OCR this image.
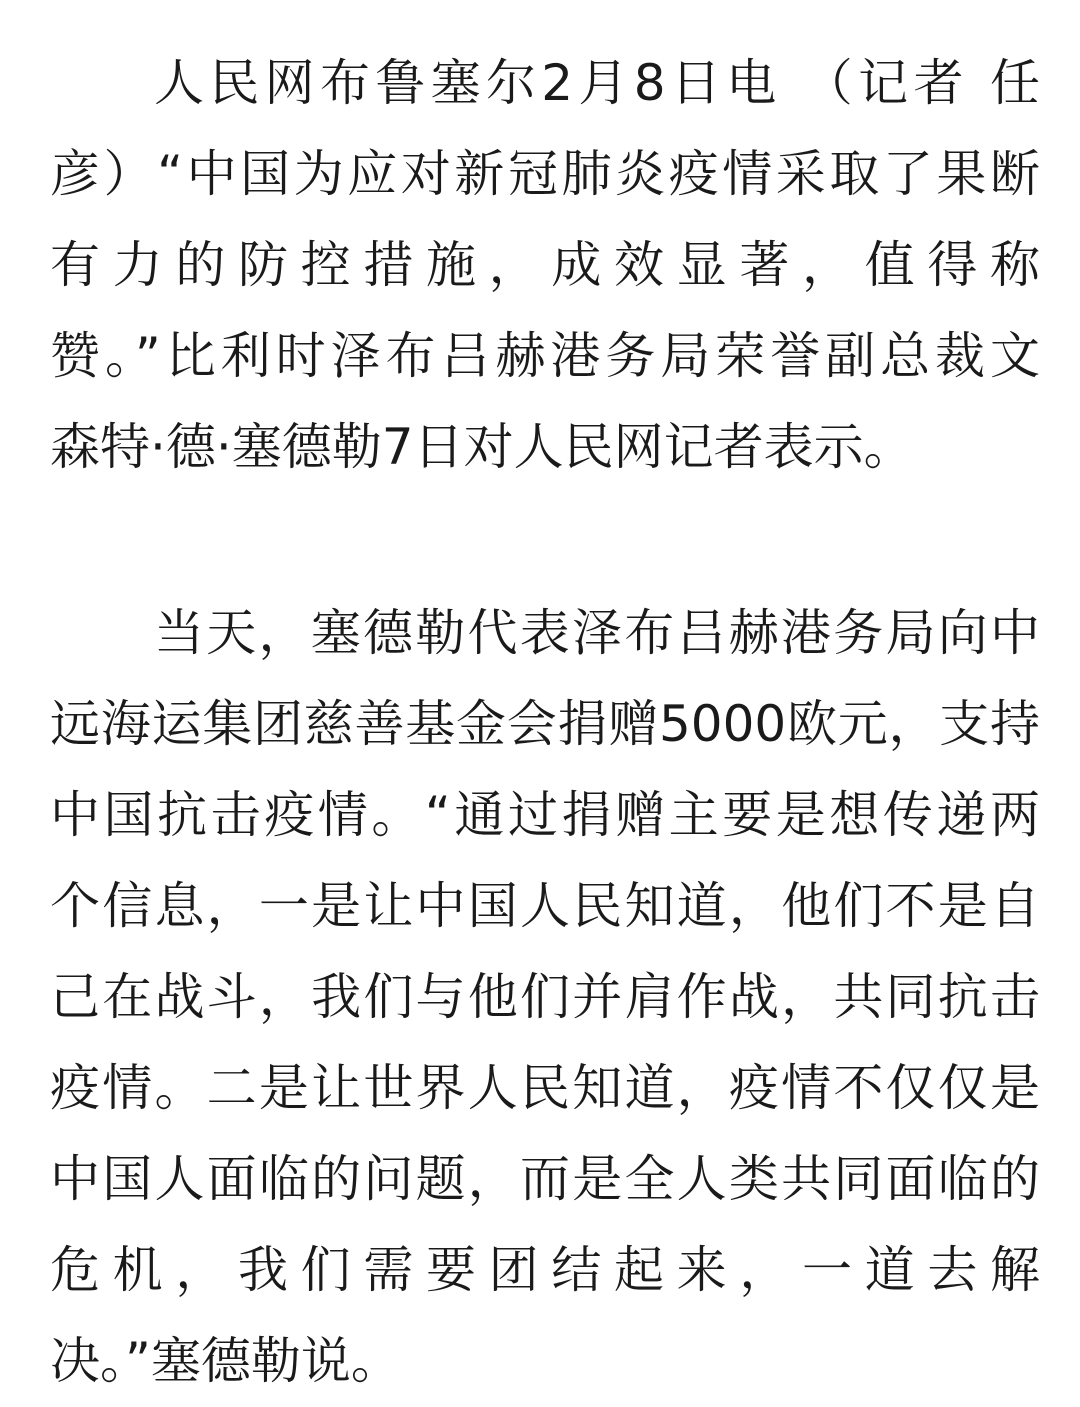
人民网布鲁塞尔2月8日电 （记者 任
彦）“中国为应对新冠肺炎疫情采取了果断
有力的防控措施，成效显著，值得称
赞。”比利时泽布吕赫港务局荣誉副总裁文
森特·德·塞德勒7日对人民网记者表示。
当天，塞德勒代表泽布吕赫港务局向中
远海运集团慈善基金会捐赠5000欧元，支持
中国抗击疫情。“通过捐赠主要是想传递两
个信息，一是让中国人民知道，他们不是自
己在战斗，我们与他们并肩作战，共同抗击
疫情。二是让世界人民知道，疫情不仅仅是
中国人面临的问题，而是全人类共同面临的
危机，我们需要团结起来，一道去解
决。”塞德勒说。
